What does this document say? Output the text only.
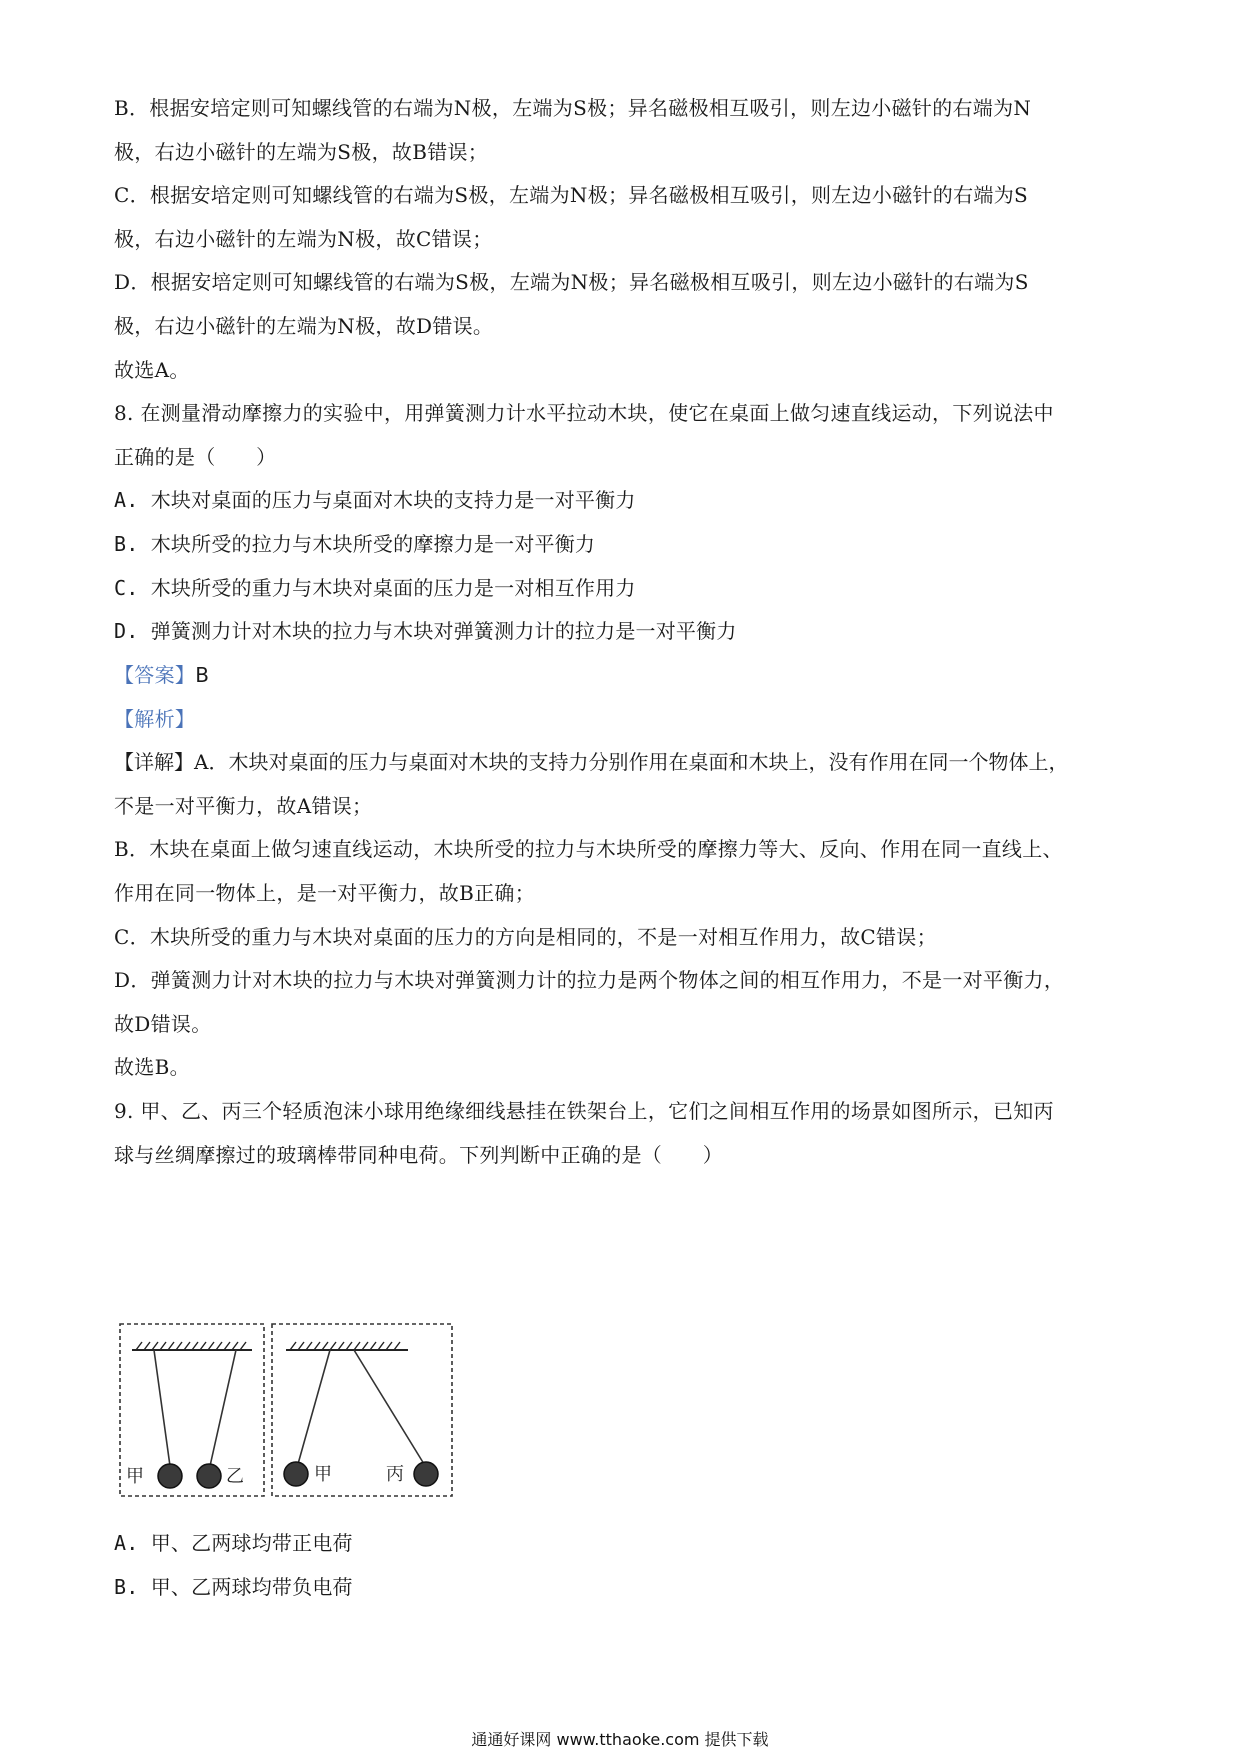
B．根据安培定则可知螺线管的右端为N极，左端为S极；异名磁极相互吸引，则左边小磁针的右端为N
极，右边小磁针的左端为S极，故B错误；
C．根据安培定则可知螺线管的右端为S极，左端为N极；异名磁极相互吸引，则左边小磁针的右端为S
极，右边小磁针的左端为N极，故C错误；
D．根据安培定则可知螺线管的右端为S极，左端为N极；异名磁极相互吸引，则左边小磁针的右端为S
极，右边小磁针的左端为N极，故D错误。
故选A。
8. 在测量滑动摩擦力的实验中，用弹簧测力计水平拉动木块，使它在桌面上做匀速直线运动，下列说法中
正确的是（　　）
A. 木块对桌面的压力与桌面对木块的支持力是一对平衡力
B. 木块所受的拉力与木块所受的摩擦力是一对平衡力
C. 木块所受的重力与木块对桌面的压力是一对相互作用力
D. 弹簧测力计对木块的拉力与木块对弹簧测力计的拉力是一对平衡力
【答案】B
【解析】
【详解】A．木块对桌面的压力与桌面对木块的支持力分别作用在桌面和木块上，没有作用在同一个物体上，
不是一对平衡力，故A错误；
B．木块在桌面上做匀速直线运动，木块所受的拉力与木块所受的摩擦力等大、反向、作用在同一直线上、
作用在同一物体上，是一对平衡力，故B正确；
C．木块所受的重力与木块对桌面的压力的方向是相同的，不是一对相互作用力，故C错误；
D．弹簧测力计对木块的拉力与木块对弹簧测力计的拉力是两个物体之间的相互作用力，不是一对平衡力，
故D错误。
故选B。
9. 甲、乙、丙三个轻质泡沫小球用绝缘细线悬挂在铁架台上，它们之间相互作用的场景如图所示，已知丙
球与丝绸摩擦过的玻璃棒带同种电荷。下列判断中正确的是（　　）
甲	乙	甲	丙
A. 甲、乙两球均带正电荷
B. 甲、乙两球均带负电荷
通通好课网 www.tthaoke.com 提供下载
